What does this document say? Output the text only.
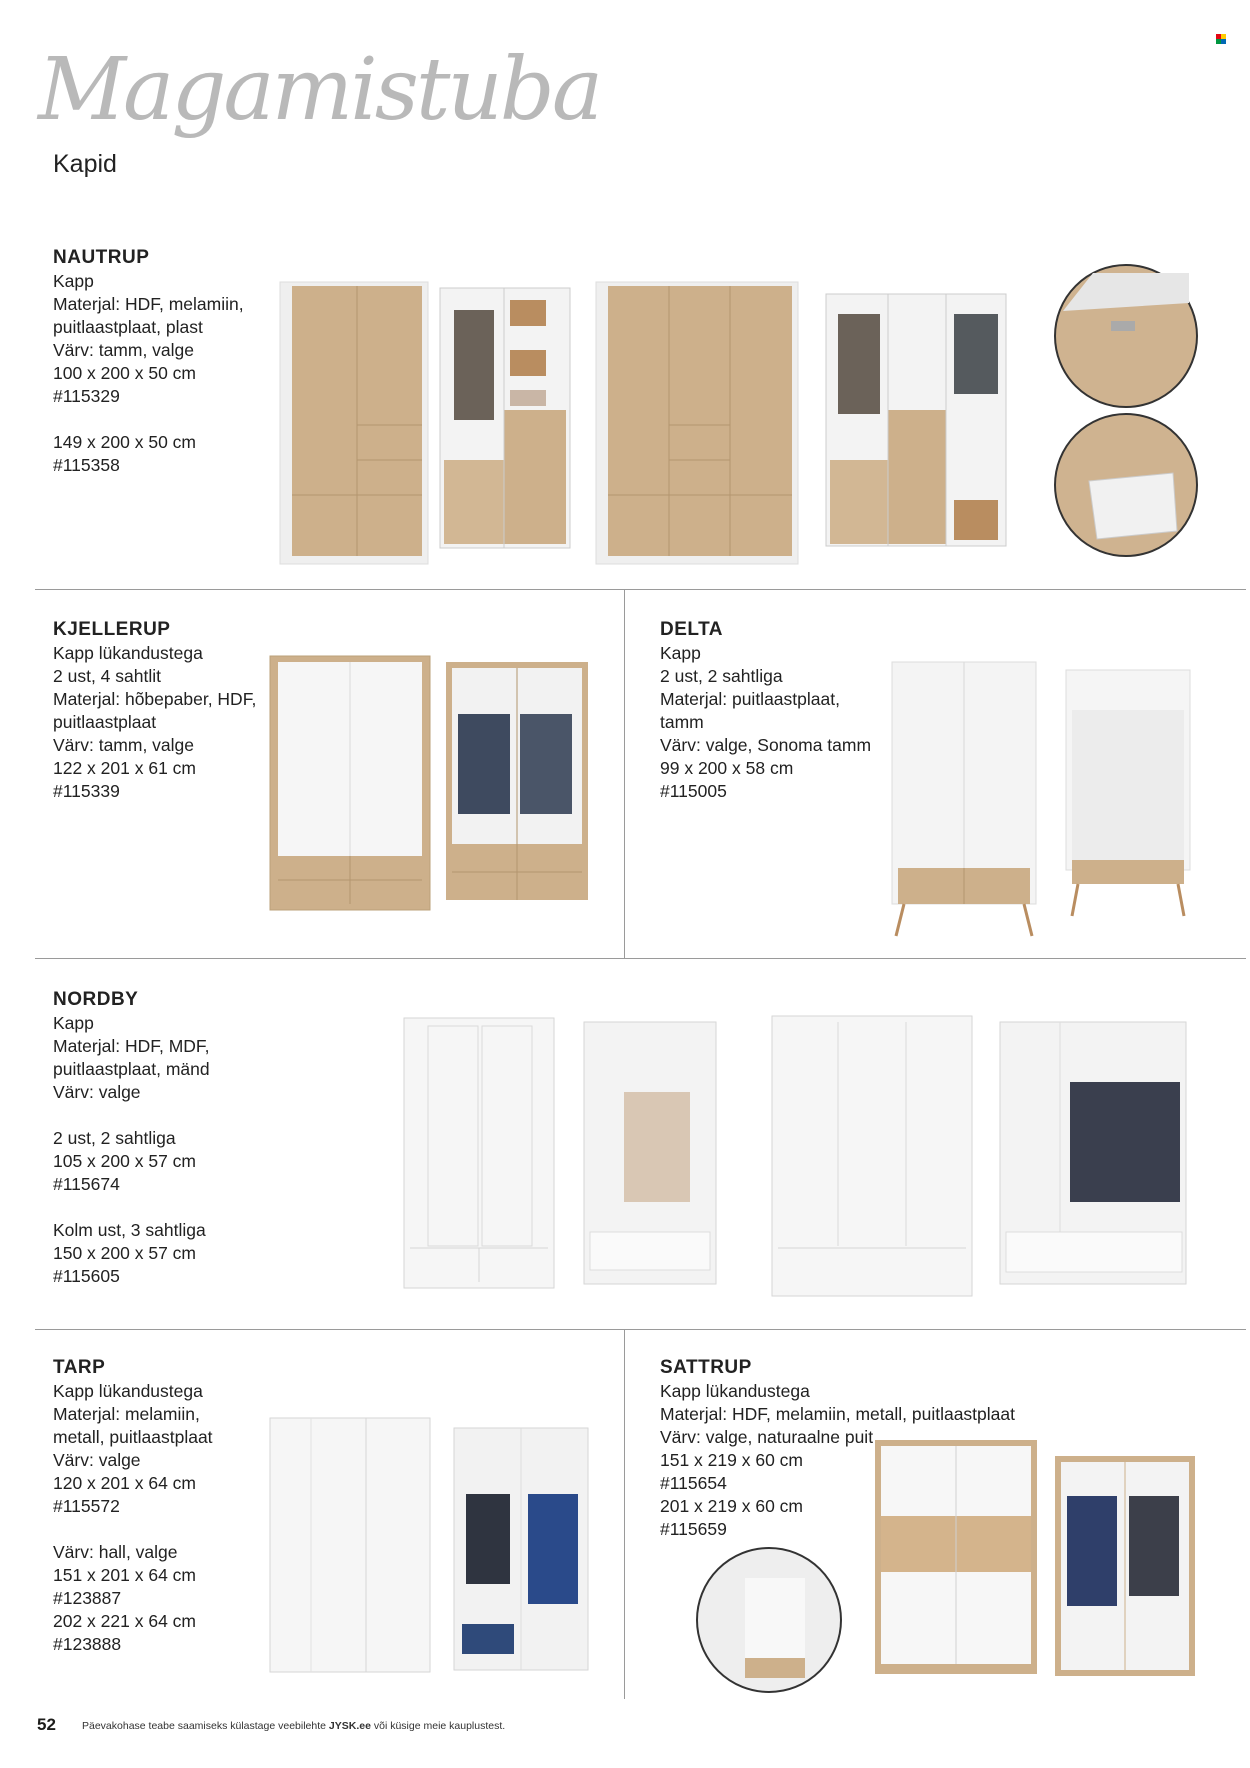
Magamistuba
Kapid
NAUTRUP
Kapp
Materjal: HDF, melamiin,
puitlaastplaat, plast
Värv: tamm, valge
100 x 200 x 50 cm
#115329
149 x 200 x 50 cm
#115358
KJELLERUP
Kapp lükandustega
2 ust, 4 sahtlit
Materjal: hõbepaber, HDF,
puitlaastplaat
Värv: tamm, valge
122 x 201 x 61 cm
#115339
DELTA
Kapp
2 ust, 2 sahtliga
Materjal: puitlaastplaat,
tamm
Värv: valge, Sonoma tamm
99 x 200 x 58 cm
#115005
NORDBY
Kapp
Materjal: HDF, MDF,
puitlaastplaat, mänd
Värv: valge
2 ust, 2 sahtliga
105 x 200 x 57 cm
#115674
Kolm ust, 3 sahtliga
150 x 200 x 57 cm
#115605
TARP
Kapp lükandustega
Materjal: melamiin,
metall, puitlaastplaat
Värv: valge
120 x 201 x 64 cm
#115572
Värv: hall, valge
151 x 201 x 64 cm
#123887
202 x 221 x 64 cm
#123888
SATTRUP
Kapp lükandustega
Materjal: HDF, melamiin, metall, puitlaastplaat
Värv: valge, naturaalne puit
151 x 219 x 60 cm
#115654
201 x 219 x 60 cm
#115659
52 Päevakohase teabe saamiseks külastage veebilehte JYSK.ee või küsige meie kauplustest.
